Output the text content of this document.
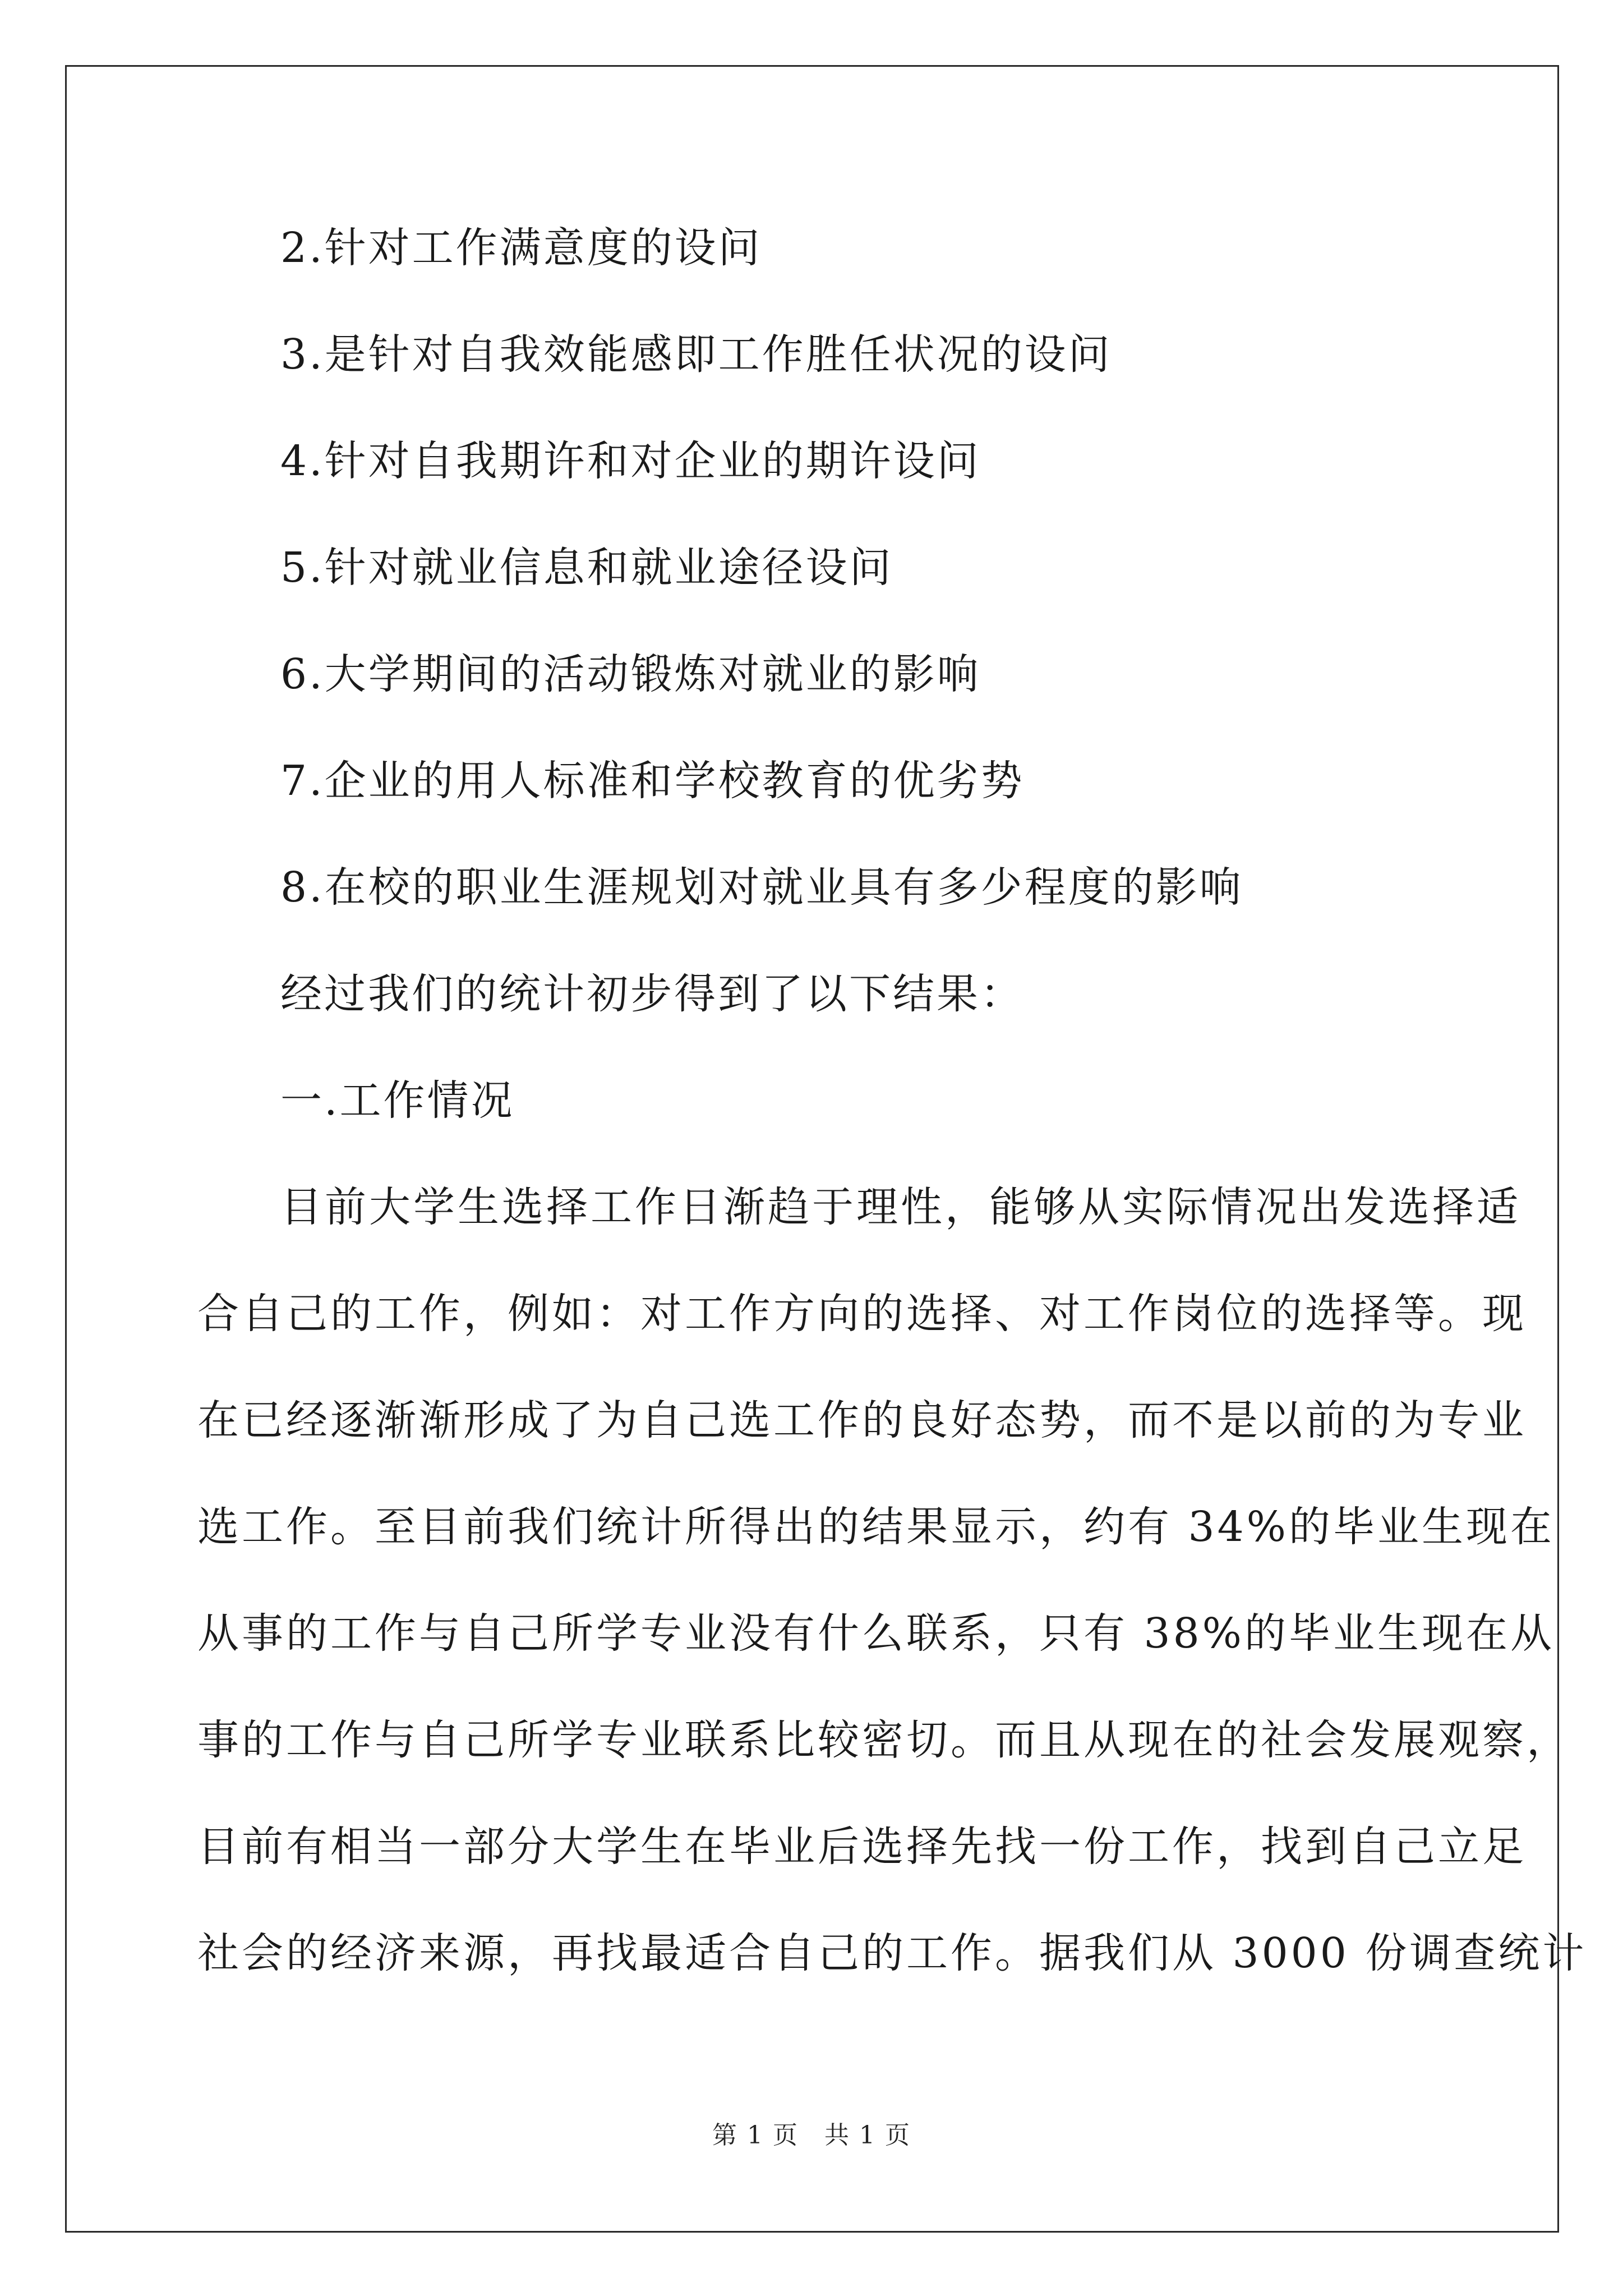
2.针对工作满意度的设问
3.是针对自我效能感即工作胜任状况的设问
4.针对自我期许和对企业的期许设问
5.针对就业信息和就业途径设问
6.大学期间的活动锻炼对就业的影响
7.企业的用人标准和学校教育的优劣势
8.在校的职业生涯规划对就业具有多少程度的影响
经过我们的统计初步得到了以下结果：
一.工作情况
目前大学生选择工作日渐趋于理性，能够从实际情况出发选择适
合自己的工作，例如：对工作方向的选择、对工作岗位的选择等。现
在已经逐渐渐形成了为自己选工作的良好态势，而不是以前的为专业
选工作。至目前我们统计所得出的结果显示，约有 34%的毕业生现在
从事的工作与自己所学专业没有什么联系，只有 38%的毕业生现在从
事的工作与自己所学专业联系比较密切。而且从现在的社会发展观察，
目前有相当一部分大学生在毕业后选择先找一份工作，找到自己立足
社会的经济来源，再找最适合自己的工作。据我们从 3000 份调查统计
第 1 页　共 1 页
